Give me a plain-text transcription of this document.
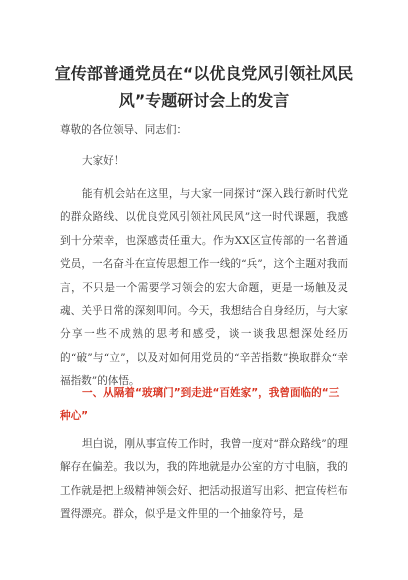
宣传部普通党员在“以优良党风引领社风民风”专题研讨会上的发言

尊敬的各位领导、同志们：

大家好！

能有机会站在这里，与大家一同探讨“深入践行新时代党的群众路线、以优良党风引领社风民风”这一时代课题，我感到十分荣幸，也深感责任重大。作为XX区宣传部的一名普通党员，一名奋斗在宣传思想工作一线的“兵”，这个主题对我而言，不只是一个需要学习领会的宏大命题，更是一场触及灵魂、关乎日常的深刻叩问。今天，我想结合自身经历，与大家分享一些不成熟的思考和感受，谈一谈我思想深处经历的“破”与“立”，以及对如何用党员的“辛苦指数”换取群众“幸福指数”的体悟。

一、从隔着“玻璃门”到走进“百姓家”，我曾面临的“三种心”

坦白说，刚从事宣传工作时，我曾一度对“群众路线”的理解存在偏差。我以为，我的阵地就是办公室的方寸电脑，我的工作就是把上级精神领会好、把活动报道写出彩、把宣传栏布置得漂亮。群众，似乎是文件里的一个抽象符号，是
